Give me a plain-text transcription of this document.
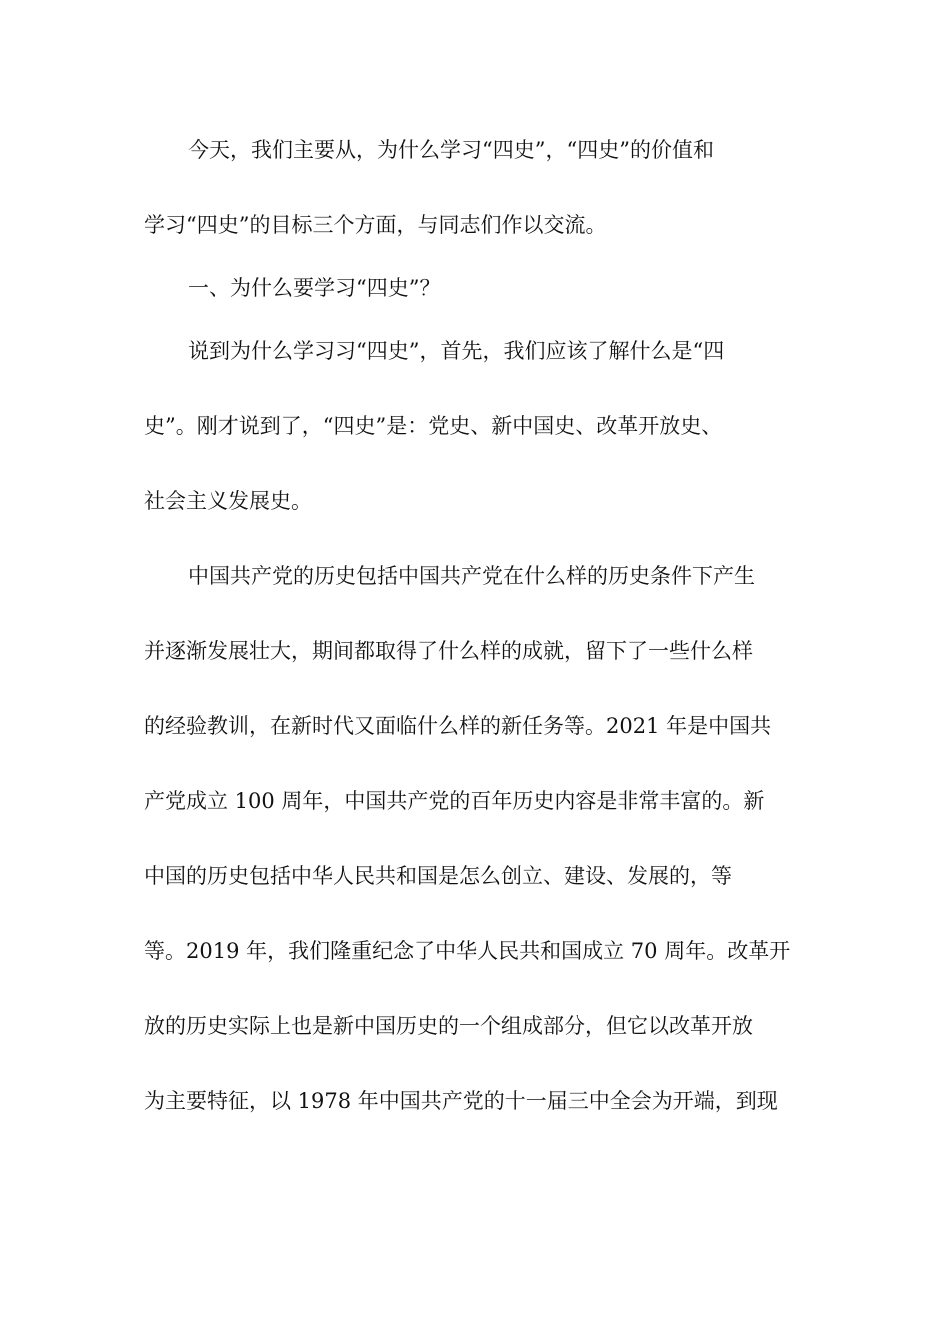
今天，我们主要从，为什么学习“四史”，“四史”的价值和
学习“四史”的目标三个方面，与同志们作以交流。
一、为什么要学习“四史”？
说到为什么学习习“四史”，首先，我们应该了解什么是“四
史”。刚才说到了，“四史”是：党史、新中国史、改革开放史、
社会主义发展史。
中国共产党的历史包括中国共产党在什么样的历史条件下产生
并逐渐发展壮大，期间都取得了什么样的成就，留下了一些什么样
的经验教训，在新时代又面临什么样的新任务等。2021 年是中国共
产党成立 100 周年，中国共产党的百年历史内容是非常丰富的。新
中国的历史包括中华人民共和国是怎么创立、建设、发展的，等
等。2019 年，我们隆重纪念了中华人民共和国成立 70 周年。改革开
放的历史实际上也是新中国历史的一个组成部分，但它以改革开放
为主要特征，以 1978 年中国共产党的十一届三中全会为开端，到现
